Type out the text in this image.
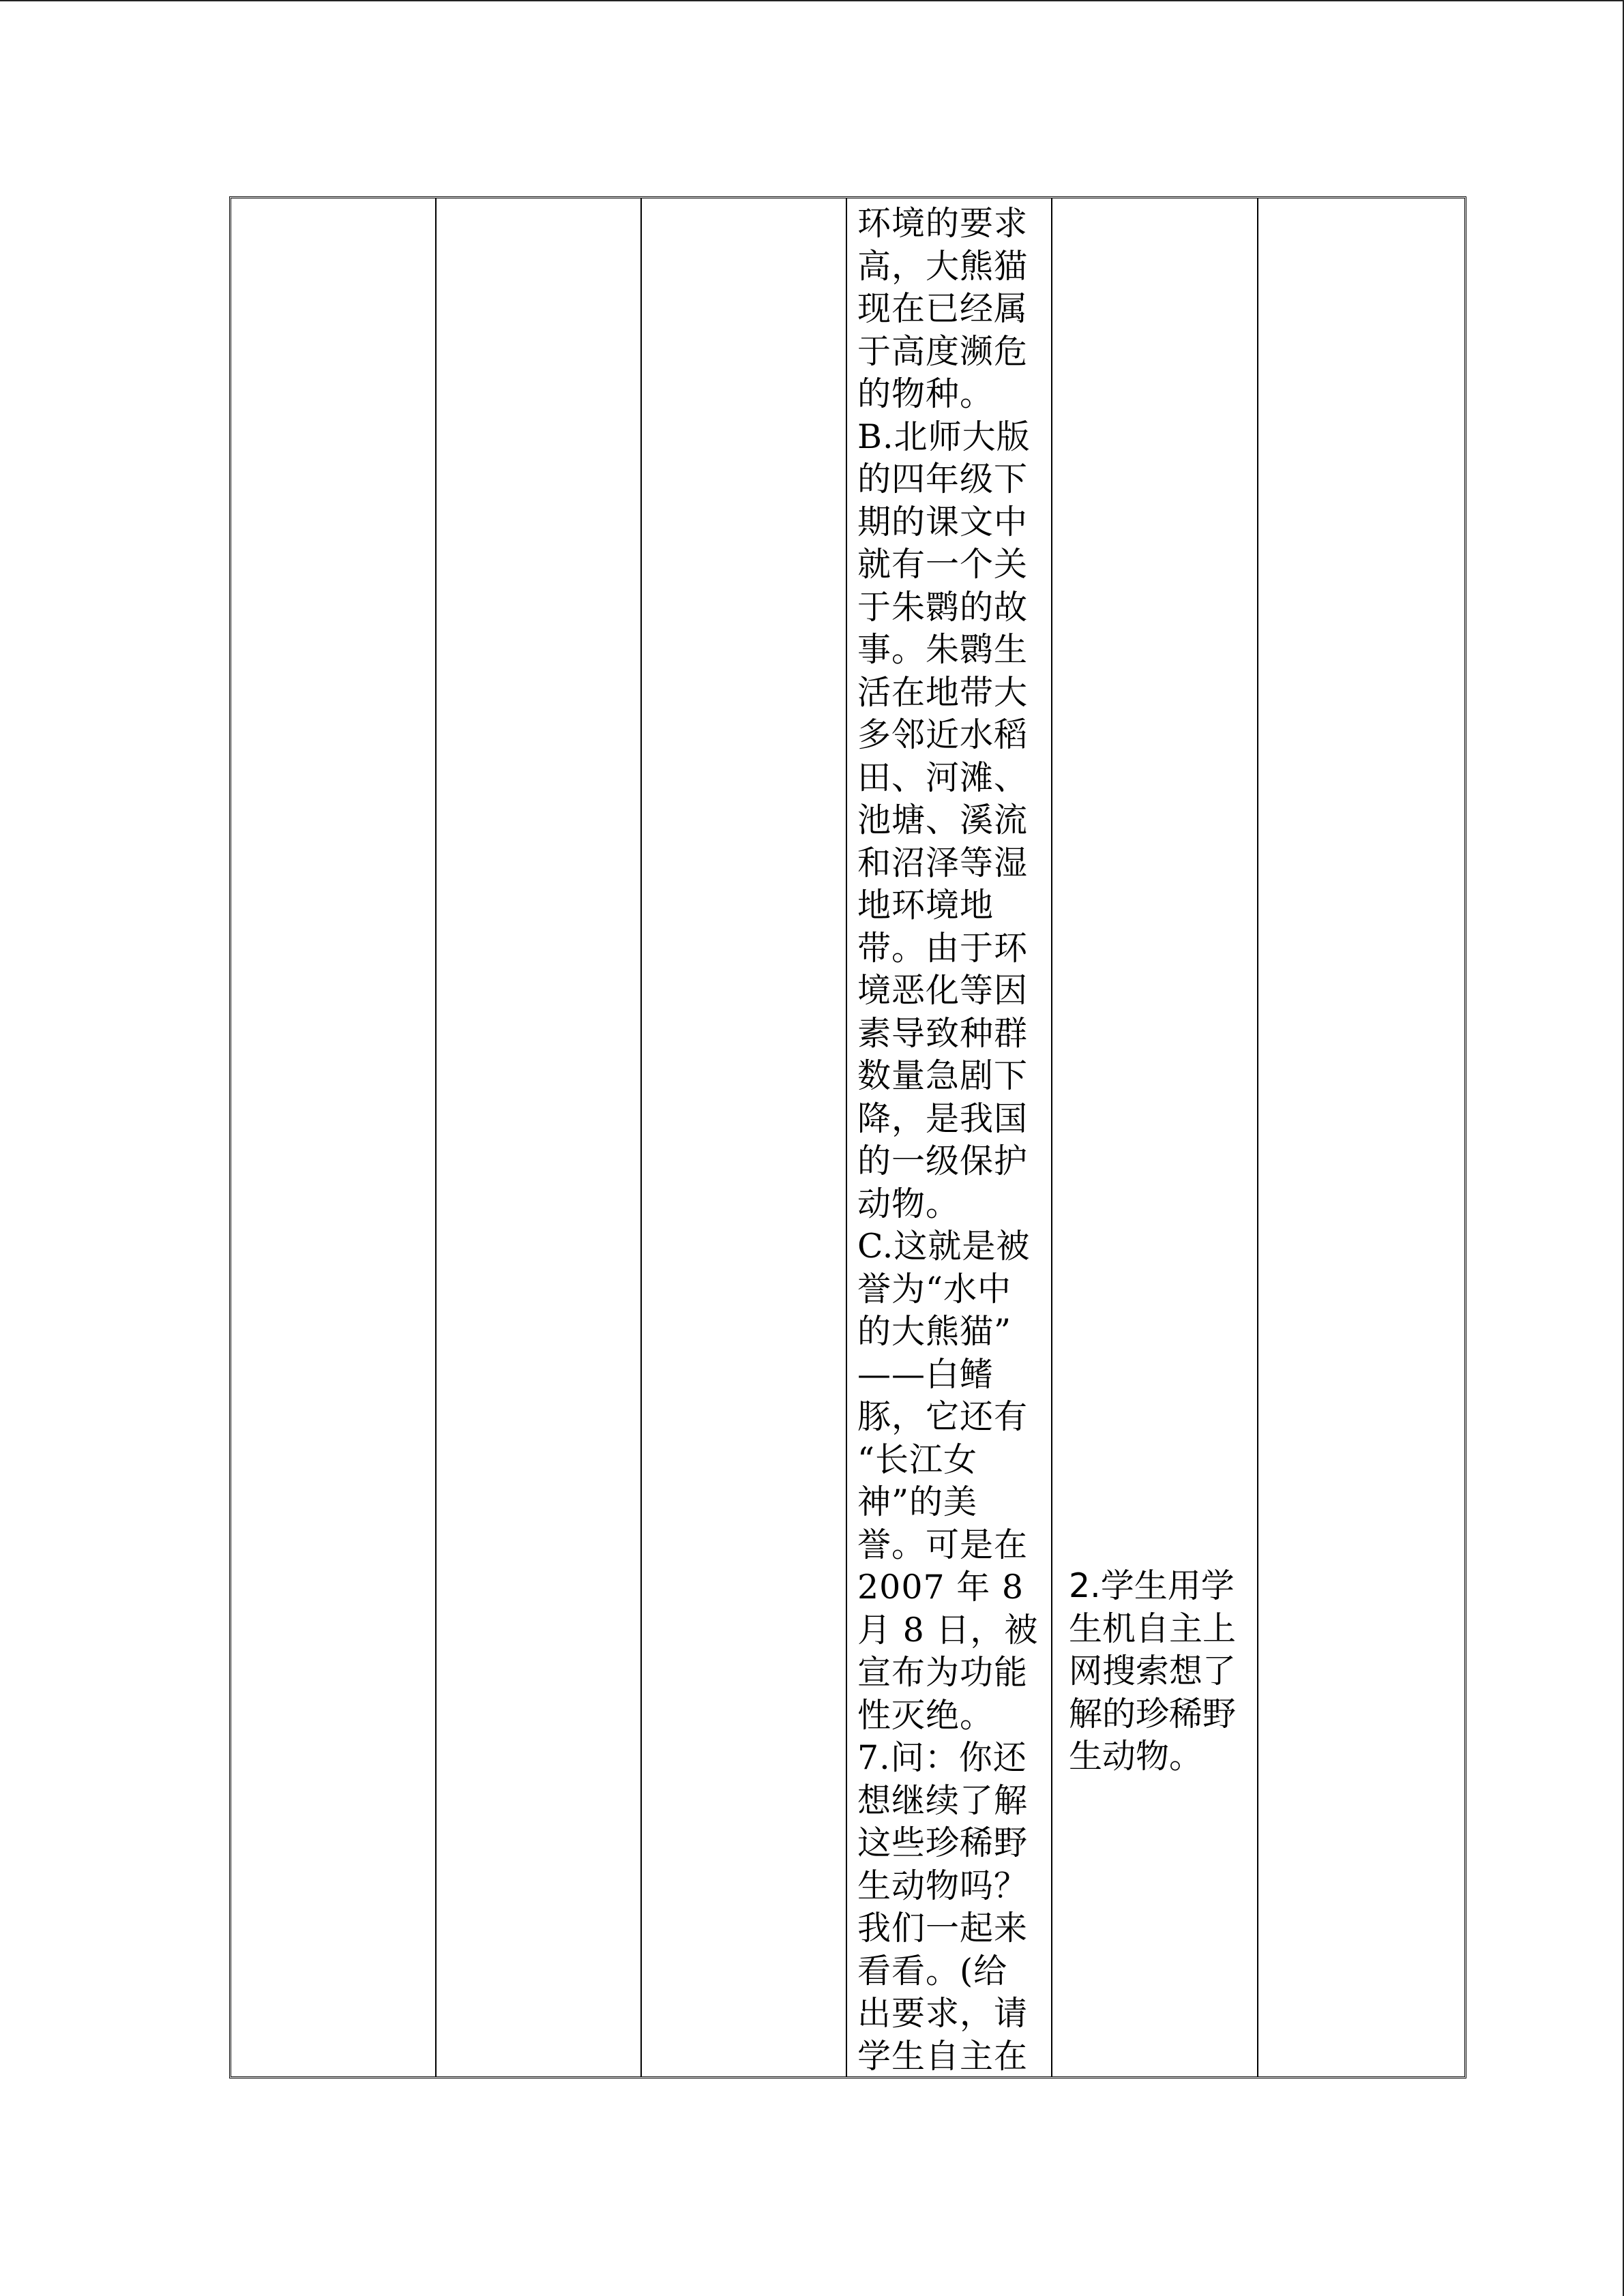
环境的要求
高，大熊猫
现在已经属
于高度濒危
的物种。
B.北师大版
的四年级下
期的课文中
就有一个关
于朱鹮的故
事。朱鹮生
活在地带大
多邻近水稻
田、河滩、
池塘、溪流
和沼泽等湿
地环境地
带。由于环
境恶化等因
素导致种群
数量急剧下
降，是我国
的一级保护
动物。
C.这就是被
誉为“水中
的大熊猫”
——白鳍
豚，它还有
“长江女
神”的美
誉。可是在
2007 年 8
月 8 日，被
宣布为功能
性灭绝。
7.问：你还
想继续了解
这些珍稀野
生动物吗？
我们一起来
看看。(给
出要求，请
学生自主在
2.学生用学
生机自主上
网搜索想了
解的珍稀野
生动物。
